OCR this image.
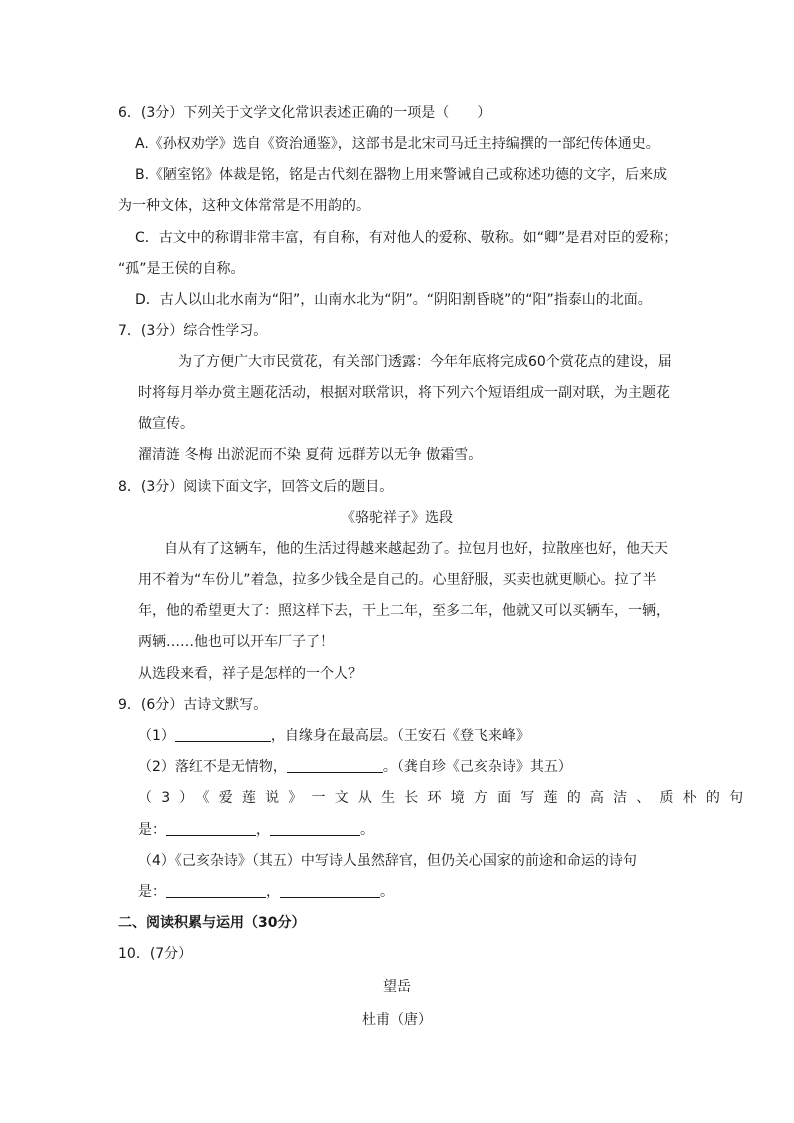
6．(3分）下列关于文学文化常识表述正确的一项是（　　）
A.《孙权劝学》选自《资治通鉴》，这部书是北宋司马迁主持编撰的一部纪传体通史。
B.《陋室铭》体裁是铭，铭是古代刻在器物上用来警诫自己或称述功德的文字，后来成
为一种文体，这种文体常常是不用韵的。
C．古文中的称谓非常丰富，有自称，有对他人的爱称、敬称。如“卿”是君对臣的爱称；
“孤”是王侯的自称。
D．古人以山北水南为“阳”，山南水北为“阴”。“阴阳割昏晓”的“阳”指泰山的北面。
7．(3分）综合性学习。
为了方便广大市民赏花，有关部门透露：今年年底将完成60个赏花点的建设，届
时将每月举办赏主题花活动，根据对联常识，将下列六个短语组成一副对联，为主题花
做宣传。
濯清涟 冬梅 出淤泥而不染 夏荷 远群芳以无争 傲霜雪。
8．(3分）阅读下面文字，回答文后的题目。
《骆驼祥子》选段
自从有了这辆车，他的生活过得越来越起劲了。拉包月也好，拉散座也好，他天天
用不着为“车份儿”着急，拉多少钱全是自己的。心里舒服，买卖也就更顺心。拉了半
年，他的希望更大了：照这样下去，干上二年，至多二年，他就又可以买辆车，一辆，
两辆……他也可以开车厂子了！
从选段来看，祥子是怎样的一个人？
9．(6分）古诗文默写。
（1）	，自缘身在最高层。（王安石《登飞来峰》
（2）落红不是无情物，	。（龚自珍《己亥杂诗》其五）
（3）《爱莲说》一文从生长环境方面写莲的高洁、质朴的句
是：	，	。
（4）《己亥杂诗》（其五）中写诗人虽然辞官，但仍关心国家的前途和命运的诗句
是：	，	。
二、阅读积累与运用（30分）
10．(7分）
望岳
杜甫（唐）
